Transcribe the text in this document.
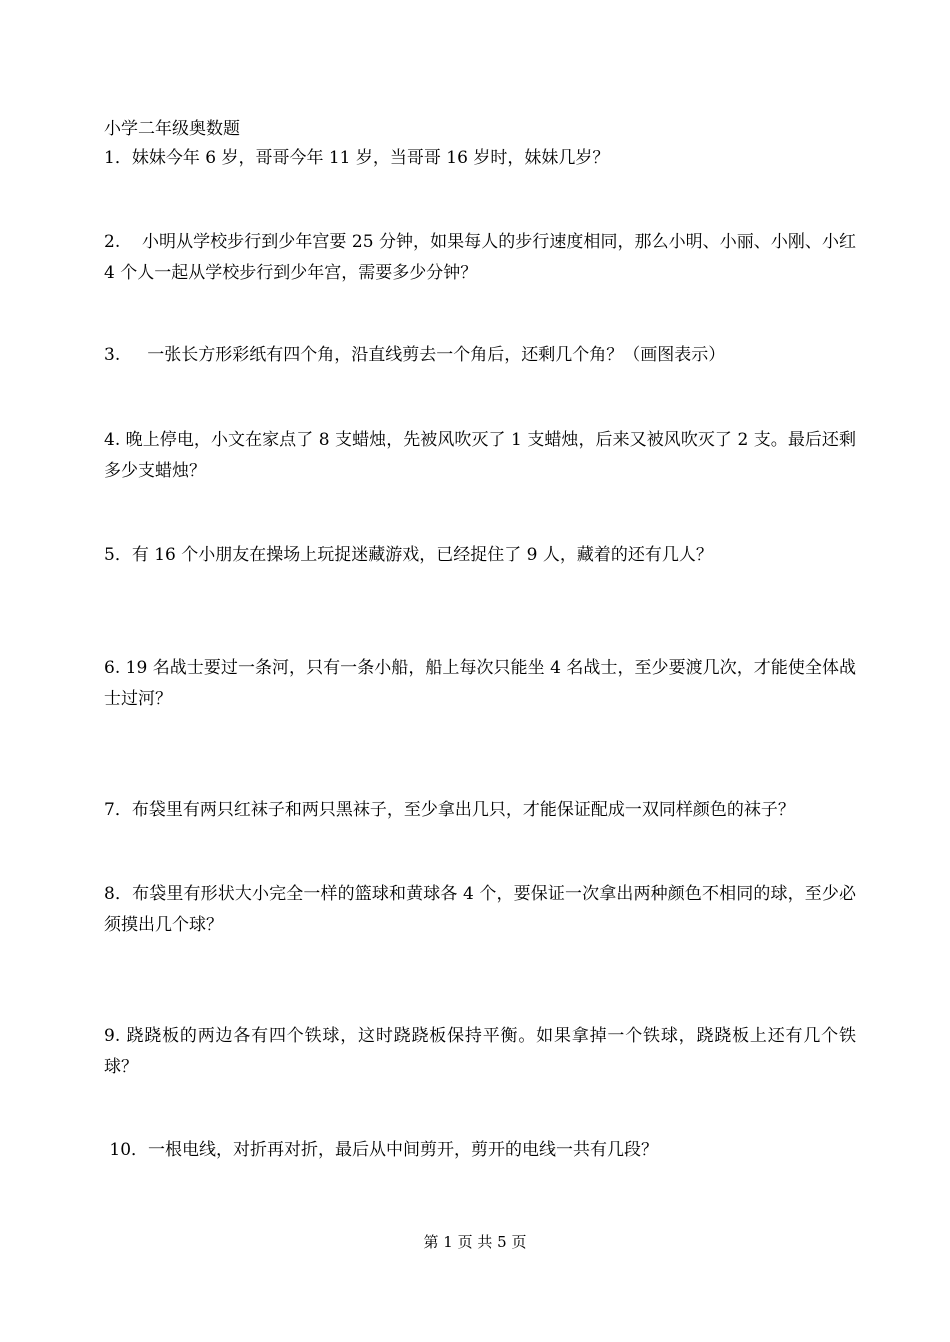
小学二年级奥数题
1．妹妹今年 6 岁，哥哥今年 11 岁，当哥哥 16 岁时，妹妹几岁？
2.    小明从学校步行到少年宫要 25 分钟，如果每人的步行速度相同，那么小明、小丽、小刚、小红 4 个人一起从学校步行到少年宫，需要多少分钟？
3.     一张长方形彩纸有四个角，沿直线剪去一个角后，还剩几个角？（画图表示）
4. 晚上停电，小文在家点了 8 支蜡烛，先被风吹灭了 1 支蜡烛，后来又被风吹灭了 2 支。最后还剩多少支蜡烛？
5．有 16 个小朋友在操场上玩捉迷藏游戏，已经捉住了 9 人，藏着的还有几人？
6. 19 名战士要过一条河，只有一条小船，船上每次只能坐 4 名战士，至少要渡几次，才能使全体战士过河？
7．布袋里有两只红袜子和两只黑袜子，至少拿出几只，才能保证配成一双同样颜色的袜子？
8．布袋里有形状大小完全一样的篮球和黄球各 4 个，要保证一次拿出两种颜色不相同的球，至少必须摸出几个球？
9. 跷跷板的两边各有四个铁球，这时跷跷板保持平衡。如果拿掉一个铁球，跷跷板上还有几个铁球？
10．一根电线，对折再对折，最后从中间剪开，剪开的电线一共有几段？
第 1 页 共 5 页
